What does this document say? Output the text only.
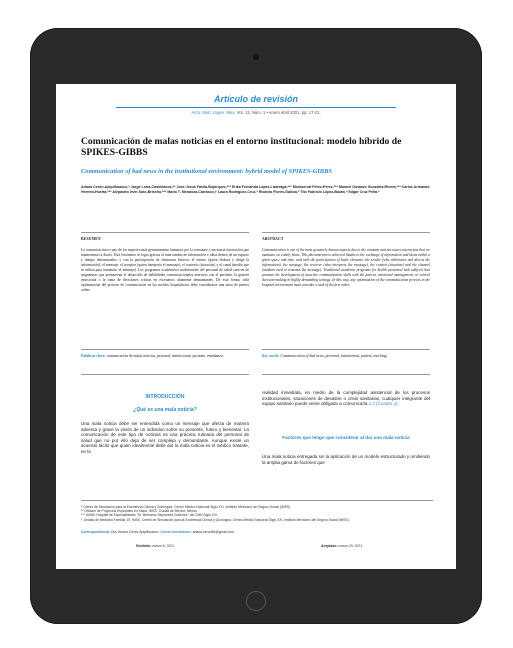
Artículo de revisión
Arch. Med. Urgen. Mex. Vol. 13, Núm. 1 • enero abril 2021, pp: 17-21.
Comunicación de malas noticias en el entorno institucional: modelo híbrido de SPIKES-GIBBS
Communication of bad news in the institutional environment: hybrid model of SPIKES-GIBBS
Ariana Cerón-Apipilhuasco,* Jorge Loría-Castellanos,** José Jesús Favila-Bojórquez,*** Erika Fernanda López-Lizárraga,*** Montserrat Pérez-Pérez,*** Manuel Gustavo González-Rivera,*** Carlos Armando Herrera-Huerta,*** Alejandro Irvin Soto-Briseño,*** Mario T. Mendoza-Carrasco,† Laura Rodríguez-Cruz,* Ricardo Flores-Galicia,* Tito Fabricio López-Bazán,* Edgar Cruz Peña.*
RESUMEN
La comunicación es uno de los aspectos más genuinamente humanos por la constante y necesaria interacción que mantenemos a diario. Este fenómeno se logra gracias al intercambio de información e ideas dentro de un espacio y tiempo determinados, y con la participación de elementos básicos: el emisor (quien elabora y dirige la información), el mensaje, el receptor (quien interpreta el mensaje), el contexto (situación) y el canal (medio que se utiliza para transmitir el mensaje). Los programas académicos tradicionales del personal de salud carecen de asignaturas que promuevan el desarrollo de habilidades comunicacionales asertivas con el paciente, la gestión emocional o la toma de decisiones críticas en escenarios altamente demandantes. De esta forma, toda optimización del proceso de comunicación en los medios hospitalarios debe considerarse una tarea de primer orden.
ABSTRACT
Communication is one of the most genuinely human aspects due to the constant and necessary interaction that we maintain on a daily basis. This phenomenon is achieved thanks to the exchange of information and ideas within a given space and time, and with the participation of basic elements: the sender (who elaborates and directs the information), the message, the receiver (who interprets the message), the context (situation) and the channel (medium used to transmit the message). Traditional academic programs for health personnel lack subjects that promote the development of assertive communication skills with the patient, emotional management, or critical decision-making in highly demanding settings. In this way, any optimization of the communication process in the hospital environment must consider a task of the first order.
Palabras clave: comunicación de malas noticias, personal, institucional, paciente, enseñanza.	Key words: Communication of bad news, personal, institutional, patient, teaching.
INTRODUCCIÓN
¿Qué es una mala noticia?
Una mala noticia debe ser entendida como un mensaje que afecta de manera adversa y grave la visión de un individuo sobre su presente, futuro y bienestar. La comunicación de este tipo de noticias es una práctica rutinaria del personal de salud que no por ello deja de ser compleja y demandante. Aunque existe un acuerdo tácito que quien idealmente debe dar la mala noticia es el médico tratante, en la
realidad inmediata, en medio de la complejidad asistencial de los procesos institucionales, situaciones de desastre o crisis sanitarias, cualquier integrante del equipo sanitario puede verse obligado a comunicarla.1,2 (Cuadro 1).
Factores que tengo que considerar al dar una mala noticia
Una mala noticia entregada sin la aplicación de un modelo estructurado y omitiendo la amplia gama de factores que
* Centro de Simulación para la Excelencia Clínica y Quirúrgica. Centro Médico Nacional Siglo XXI, Instituto Mexicano del Seguro Social (IMSS)
** División de Proyectos Especiales en Salud, IMSS, Ciudad de México, México
*** UMAE Hospital de Especialidades "Dr. Bernardo Sepúlveda Gutiérrez" del CMN Siglo XXI
† Unidad de Medicina Familiar 19, IMSS, Centro de Simulación para la Excelencia Clínica y Quirúrgica, Centro Médico Nacional Siglo XXI, Instituto Mexicano del Seguro Social (IMSS).
Correspondencia: Dra. Ariana Cerón-Apipilhuasco. Correo electrónico: ariana.ceron86@gmail.com
Recibido: marzo 8, 2021.	Aceptado: marzo 29, 2021.
